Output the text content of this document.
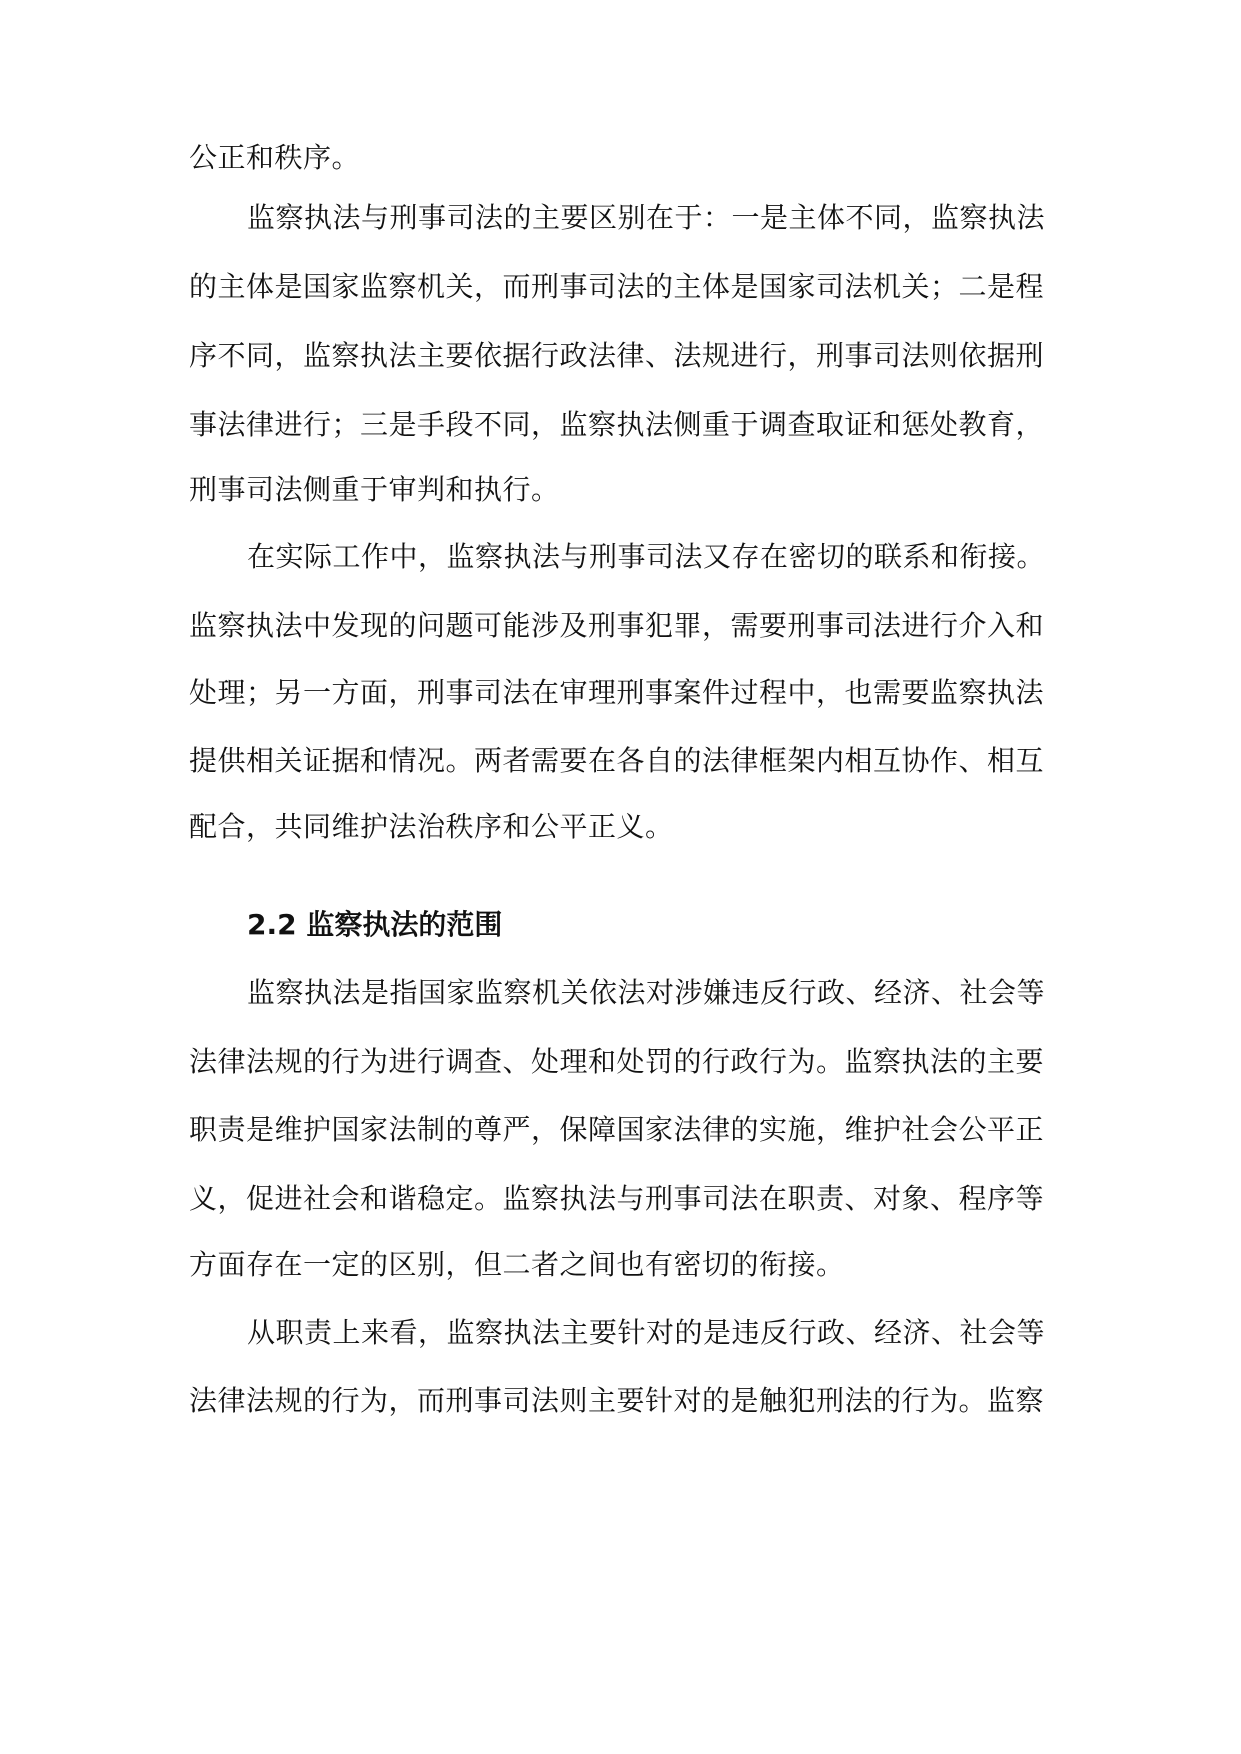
公正和秩序。
监察执法与刑事司法的主要区别在于：一是主体不同，监察执法
的主体是国家监察机关，而刑事司法的主体是国家司法机关；二是程
序不同，监察执法主要依据行政法律、法规进行，刑事司法则依据刑
事法律进行；三是手段不同，监察执法侧重于调查取证和惩处教育，
刑事司法侧重于审判和执行。
在实际工作中，监察执法与刑事司法又存在密切的联系和衔接。
监察执法中发现的问题可能涉及刑事犯罪，需要刑事司法进行介入和
处理；另一方面，刑事司法在审理刑事案件过程中，也需要监察执法
提供相关证据和情况。两者需要在各自的法律框架内相互协作、相互
配合，共同维护法治秩序和公平正义。
2.2 监察执法的范围
监察执法是指国家监察机关依法对涉嫌违反行政、经济、社会等
法律法规的行为进行调查、处理和处罚的行政行为。监察执法的主要
职责是维护国家法制的尊严，保障国家法律的实施，维护社会公平正
义，促进社会和谐稳定。监察执法与刑事司法在职责、对象、程序等
方面存在一定的区别，但二者之间也有密切的衔接。
从职责上来看，监察执法主要针对的是违反行政、经济、社会等
法律法规的行为，而刑事司法则主要针对的是触犯刑法的行为。监察
